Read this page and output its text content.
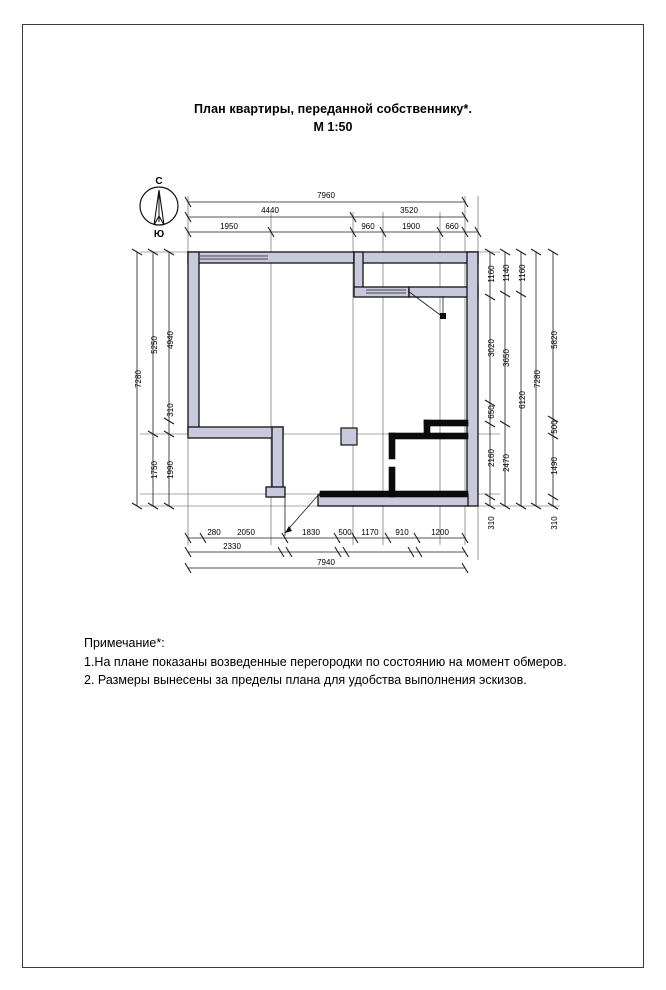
План квартиры, переданной собственнику*.
М 1:50
С
Ю
7960
4440	3520
1950	960	1900	660
7280
5250
1750
4940
310
1990
1160
3020
650
2160
310
1140
3650
2470
1160
6120
7280
5820
500
1490
310
280 2050	1830 500 1170 910	1200
2330
7940
Примечание*:
1.На плане показаны возведенные перегородки по состоянию на момент обмеров.
2. Размеры вынесены за пределы плана для удобства выполнения эскизов.
